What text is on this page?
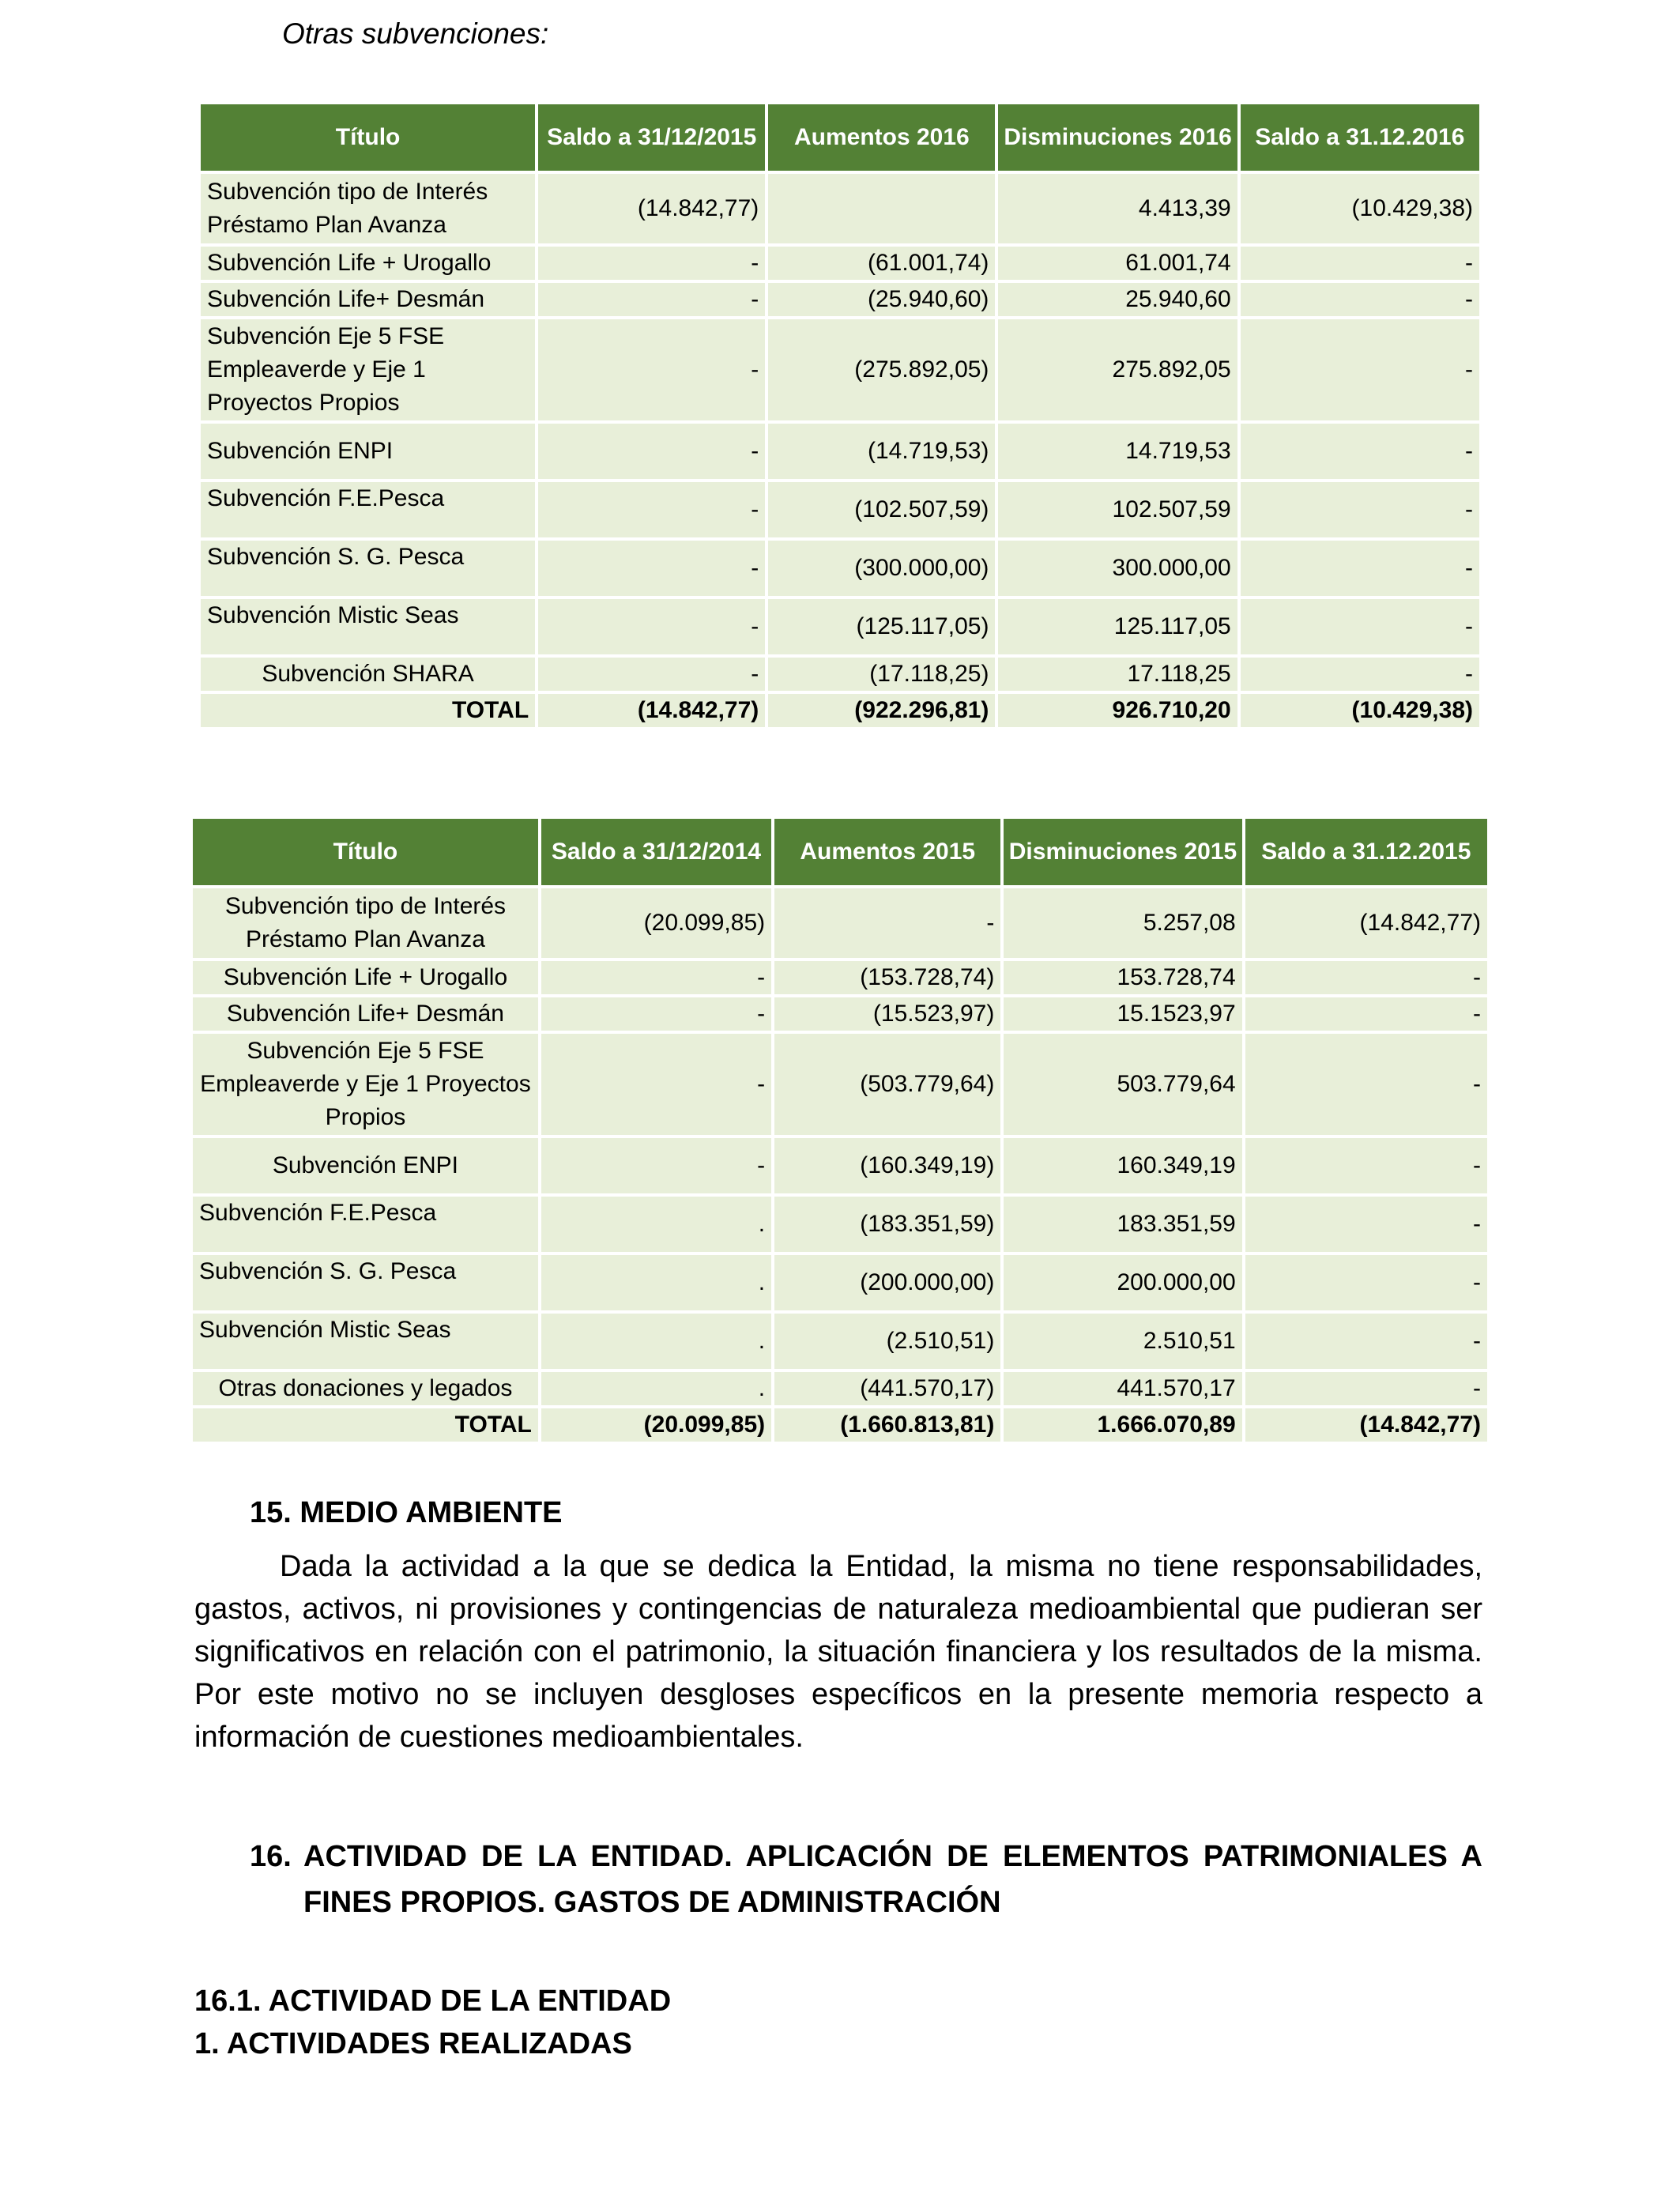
Otras subvenciones:
Título	Saldo a 31/12/2015	Aumentos 2016	Disminuciones 2016	Saldo a 31.12.2016
Subvención tipo de Interés Préstamo Plan Avanza	(14.842,77)		4.413,39	(10.429,38)
Subvención Life + Urogallo	-	(61.001,74)	61.001,74	-
Subvención Life+ Desmán	-	(25.940,60)	25.940,60	-
Subvención Eje 5 FSE Empleaverde y Eje 1 Proyectos Propios	-	(275.892,05)	275.892,05	-
Subvención ENPI	-	(14.719,53)	14.719,53	-
Subvención F.E.Pesca	-	(102.507,59)	102.507,59	-
Subvención S. G. Pesca	-	(300.000,00)	300.000,00	-
Subvención Mistic Seas	-	(125.117,05)	125.117,05	-
Subvención SHARA	-	(17.118,25)	17.118,25	-
TOTAL	(14.842,77)	(922.296,81)	926.710,20	(10.429,38)
Título	Saldo a 31/12/2014	Aumentos 2015	Disminuciones 2015	Saldo a 31.12.2015
Subvención tipo de Interés Préstamo Plan Avanza	(20.099,85)	-	5.257,08	(14.842,77)
Subvención Life + Urogallo	-	(153.728,74)	153.728,74	-
Subvención Life+ Desmán	-	(15.523,97)	15.1523,97	-
Subvención Eje 5 FSE Empleaverde y Eje 1 Proyectos Propios	-	(503.779,64)	503.779,64	-
Subvención ENPI	-	(160.349,19)	160.349,19	-
Subvención F.E.Pesca	.	(183.351,59)	183.351,59	-
Subvención S. G. Pesca	.	(200.000,00)	200.000,00	-
Subvención Mistic Seas	.	(2.510,51)	2.510,51	-
Otras donaciones y legados	.	(441.570,17)	441.570,17	-
TOTAL	(20.099,85)	(1.660.813,81)	1.666.070,89	(14.842,77)
15. MEDIO AMBIENTE

Dada la actividad a la que se dedica la Entidad, la misma no tiene responsabilidades, gastos, activos, ni provisiones y contingencias de naturaleza medioambiental que pudieran ser significativos en relación con el patrimonio, la situación financiera y los resultados de la misma. Por este motivo no se incluyen desgloses específicos en la presente memoria respecto a información de cuestiones medioambientales.

16. ACTIVIDAD DE LA ENTIDAD. APLICACIÓN DE ELEMENTOS PATRIMONIALES A FINES PROPIOS. GASTOS DE ADMINISTRACIÓN
16.1. ACTIVIDAD DE LA ENTIDAD
1. ACTIVIDADES REALIZADAS
